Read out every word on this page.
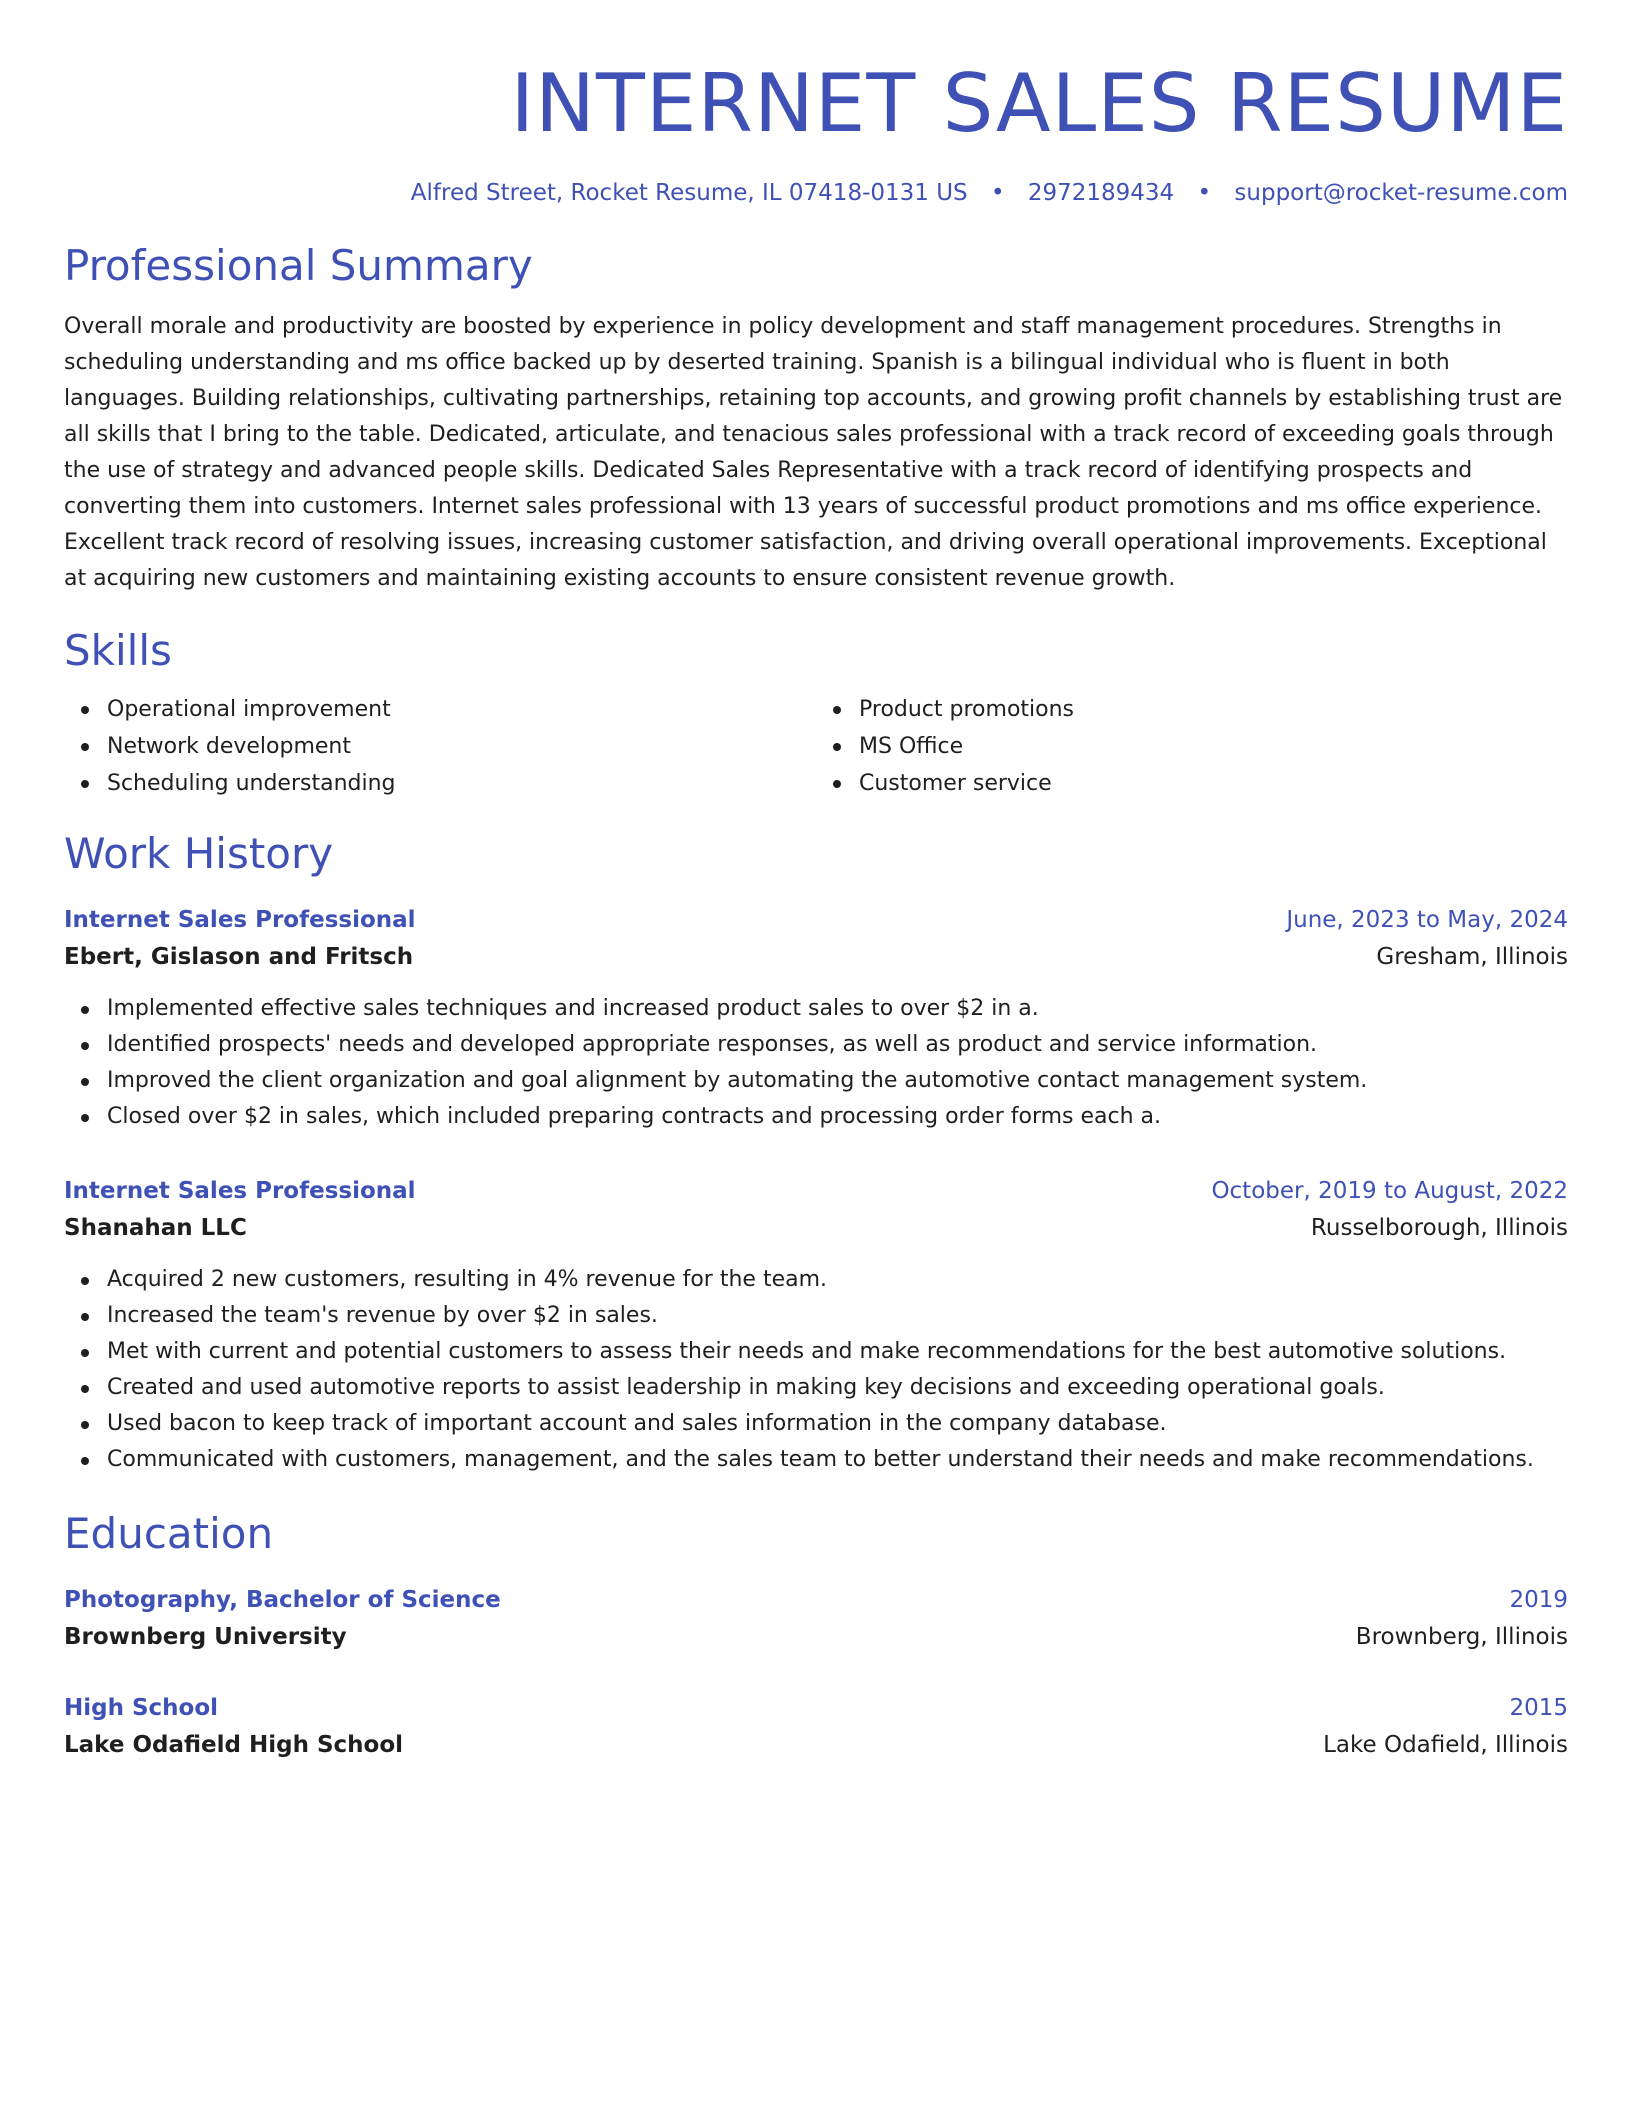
INTERNET SALES RESUME
Alfred Street, Rocket Resume, IL 07418-0131 US • 2972189434 • support@rocket-resume.com
Professional Summary

Overall morale and productivity are boosted by experience in policy development and staff management procedures. Strengths in scheduling understanding and ms office backed up by deserted training. Spanish is a bilingual individual who is fluent in both languages. Building relationships, cultivating partnerships, retaining top accounts, and growing profit channels by establishing trust are all skills that I bring to the table. Dedicated, articulate, and tenacious sales professional with a track record of exceeding goals through the use of strategy and advanced people skills. Dedicated Sales Representative with a track record of identifying prospects and converting them into customers. Internet sales professional with 13 years of successful product promotions and ms office experience. Excellent track record of resolving issues, increasing customer satisfaction, and driving overall operational improvements. Exceptional at acquiring new customers and maintaining existing accounts to ensure consistent revenue growth.

Skills
Operational improvement
Network development
Scheduling understanding
Product promotions
MS Office
Customer service
Work History
Internet Sales Professional	June, 2023 to May, 2024
Ebert, Gislason and Fritsch	Gresham, Illinois
Implemented effective sales techniques and increased product sales to over $2 in a.
Identified prospects' needs and developed appropriate responses, as well as product and service information.
Improved the client organization and goal alignment by automating the automotive contact management system.
Closed over $2 in sales, which included preparing contracts and processing order forms each a.
Internet Sales Professional	October, 2019 to August, 2022
Shanahan LLC	Russelborough, Illinois
Acquired 2 new customers, resulting in 4% revenue for the team.
Increased the team's revenue by over $2 in sales.
Met with current and potential customers to assess their needs and make recommendations for the best automotive solutions.
Created and used automotive reports to assist leadership in making key decisions and exceeding operational goals.
Used bacon to keep track of important account and sales information in the company database.
Communicated with customers, management, and the sales team to better understand their needs and make recommendations.
Education
Photography, Bachelor of Science	2019
Brownberg University	Brownberg, Illinois
High School	2015
Lake Odafield High School	Lake Odafield, Illinois
